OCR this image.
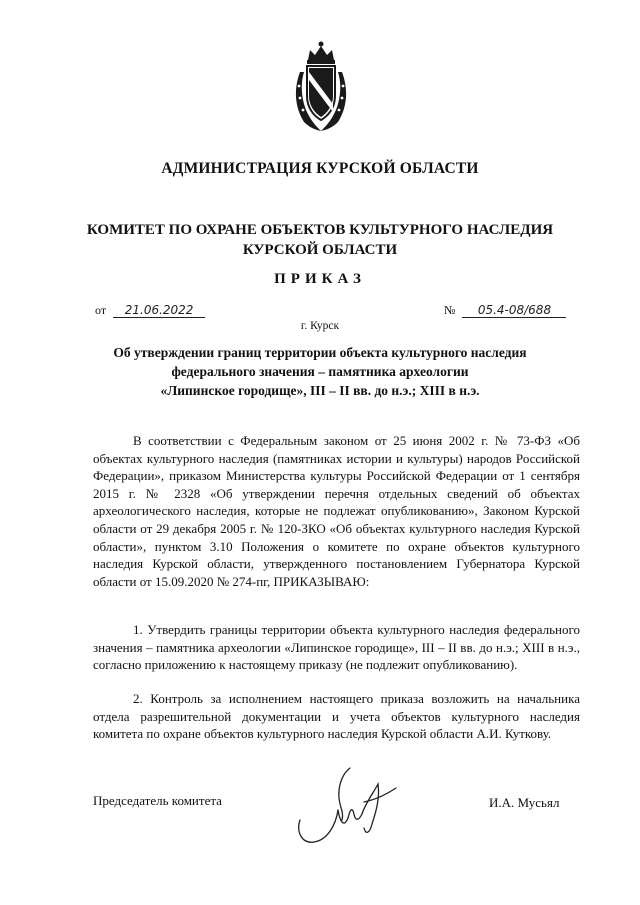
АДМИНИСТРАЦИЯ КУРСКОЙ ОБЛАСТИ
КОМИТЕТ ПО ОХРАНЕ ОБЪЕКТОВ КУЛЬТУРНОГО НАСЛЕДИЯ
КУРСКОЙ ОБЛАСТИ
ПРИКАЗ
от 21.06.2022	№ 05.4-08/688
г. Курск
Об утверждении границ территории объекта культурного наследия
федерального значения – памятника археологии
«Липинское городище», III – II вв. до н.э.; XIII в н.э.

В соответствии с Федеральным законом от 25 июня 2002 г. № 73-ФЗ «Об объектах культурного наследия (памятниках истории и культуры) народов Российской Федерации», приказом Министерства культуры Российской Федерации от 1 сентября 2015 г. № 2328 «Об утверждении перечня отдельных сведений об объектах археологического наследия, которые не подлежат опубликованию», Законом Курской области от 29 декабря 2005 г. № 120-ЗКО «Об объектах культурного наследия Курской области», пунктом 3.10 Положения о комитете по охране объектов культурного наследия Курской области, утвержденного постановлением Губернатора Курской области от 15.09.2020 № 274-пг, ПРИКАЗЫВАЮ:

1. Утвердить границы территории объекта культурного наследия федерального значения – памятника археологии «Липинское городище», III – II вв. до н.э.; XIII в н.э., согласно приложению к настоящему приказу (не подлежит опубликованию).

2. Контроль за исполнением настоящего приказа возложить на начальника отдела разрешительной документации и учета объектов культурного наследия комитета по охране объектов культурного наследия Курской области А.И. Куткову.

Председатель комитета	И.А. Мусьял
